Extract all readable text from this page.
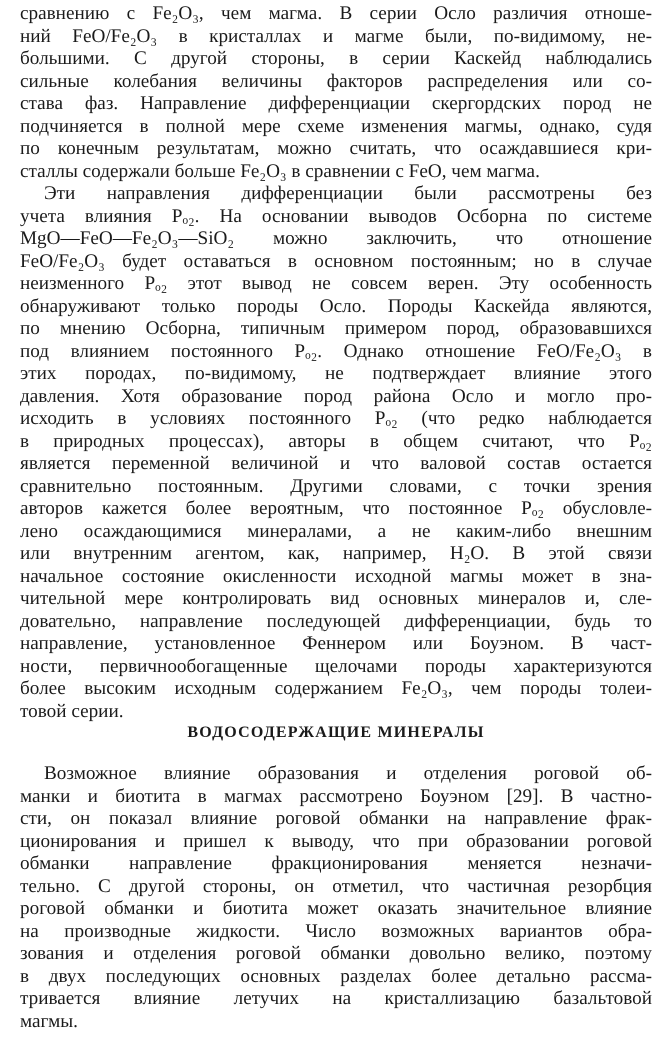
сравнению с Fe₂O₃, чем магма. В серии Осло различия отноше-
ний FeO/Fe₂O₃ в кристаллах и магме были, по-видимому, не-
большими. С другой стороны, в серии Каскейд наблюдались
сильные колебания величины факторов распределения или со-
става фаз. Направление дифференциации скергордских пород не
подчиняется в полной мере схеме изменения магмы, однако, судя
по конечным результатам, можно считать, что осаждавшиеся кри-
сталлы содержали больше Fe₂O₃ в сравнении с FeO, чем магма.

Эти направления дифференциации были рассмотрены без
учета влияния Pₒ₂. На основании выводов Осборна по системе
MgO—FeO—Fe₂O₃—SiO₂ можно заключить, что отношение
FeO/Fe₂O₃ будет оставаться в основном постоянным; но в случае
неизменного Pₒ₂ этот вывод не совсем верен. Эту особенность
обнаруживают только породы Осло. Породы Каскейда являются,
по мнению Осборна, типичным примером пород, образовавшихся
под влиянием постоянного Pₒ₂. Однако отношение FeO/Fe₂O₃ в
этих породах, по-видимому, не подтверждает влияние этого
давления. Хотя образование пород района Осло и могло про-
исходить в условиях постоянного Pₒ₂ (что редко наблюдается
в природных процессах), авторы в общем считают, что Pₒ₂
является переменной величиной и что валовой состав остается
сравнительно постоянным. Другими словами, с точки зрения
авторов кажется более вероятным, что постоянное Pₒ₂ обусловле-
лено осаждающимися минералами, а не каким-либо внешним
или внутренним агентом, как, например, H₂O. В этой связи
начальное состояние окисленности исходной магмы может в зна-
чительной мере контролировать вид основных минералов и, сле-
довательно, направление последующей дифференциации, будь то
направление, установленное Феннером или Боуэном. В част-
ности, первичнообогащенные щелочами породы характеризуются
более высоким исходным содержанием Fe₂O₃, чем породы толеи-
товой серии.

ВОДОСОДЕРЖАЩИЕ МИНЕРАЛЫ

Возможное влияние образования и отделения роговой об-
манки и биотита в магмах рассмотрено Боуэном [29]. В частно-
сти, он показал влияние роговой обманки на направление фрак-
ционирования и пришел к выводу, что при образовании роговой
обманки направление фракционирования меняется незначи-
тельно. С другой стороны, он отметил, что частичная резорбция
роговой обманки и биотита может оказать значительное влияние
на производные жидкости. Число возможных вариантов обра-
зования и отделения роговой обманки довольно велико, поэтому
в двух последующих основных разделах более детально рассма-
тривается влияние летучих на кристаллизацию базальтовой
магмы.
